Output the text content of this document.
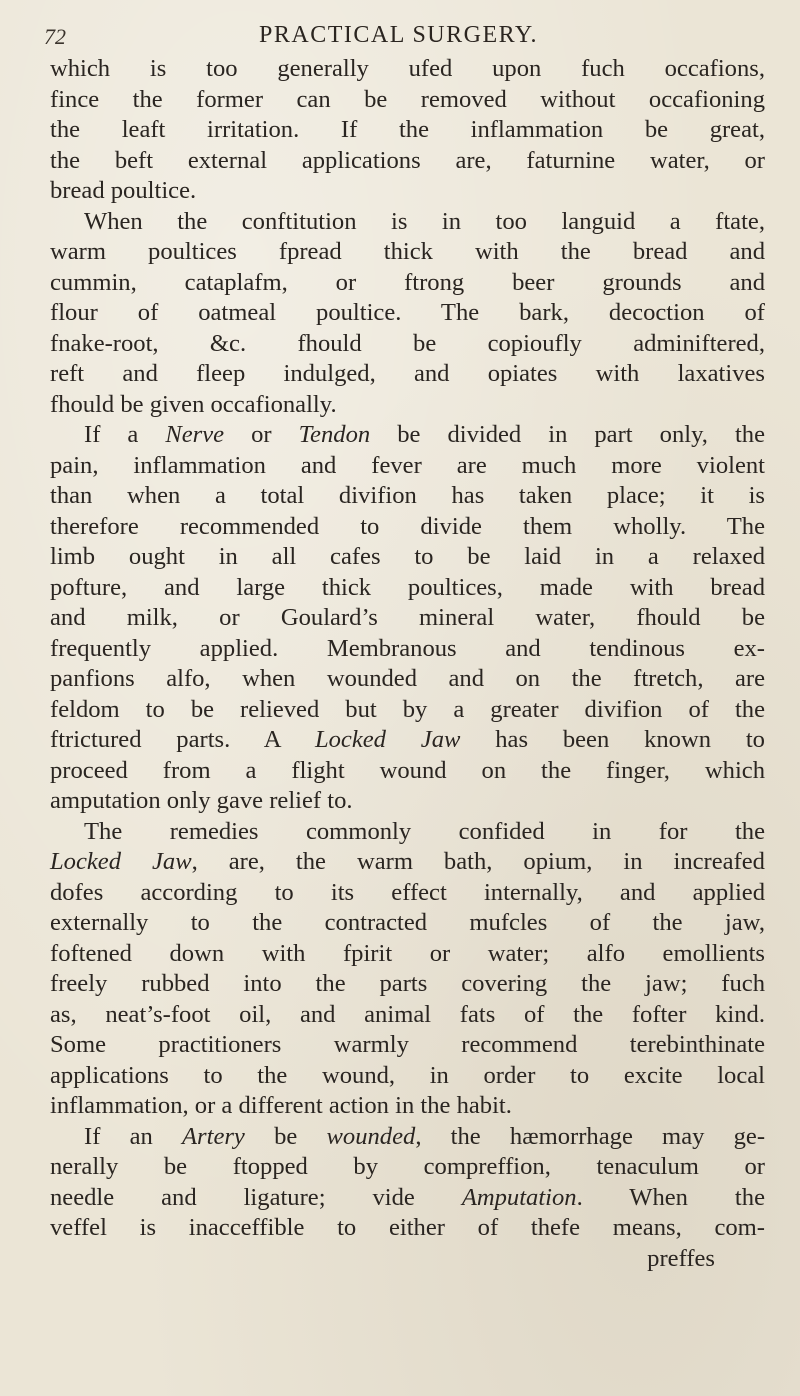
72	PRACTICAL SURGERY.
which is too generally ufed upon fuch occafions,
fince the former can be removed without occafioning
the leaft irritation. If the inflammation be great,
the beft external applications are, faturnine water, or
bread poultice.
When the conftitution is in too languid a ftate,
warm poultices fpread thick with the bread and
cummin, cataplafm, or ftrong beer grounds and
flour of oatmeal poultice. The bark, decoction of
fnake-root, &c. fhould be copioufly adminiftered,
reft and fleep indulged, and opiates with laxatives
fhould be given occafionally.
If a Nerve or Tendon be divided in part only, the
pain, inflammation and fever are much more violent
than when a total divifion has taken place; it is
therefore recommended to divide them wholly. The
limb ought in all cafes to be laid in a relaxed
pofture, and large thick poultices, made with bread
and milk, or Goulard’s mineral water, fhould be
frequently applied. Membranous and tendinous ex-
panfions alfo, when wounded and on the ftretch, are
feldom to be relieved but by a greater divifion of the
ftrictured parts. A Locked Jaw has been known to
proceed from a flight wound on the finger, which
amputation only gave relief to.
The remedies commonly confided in for the
Locked Jaw, are, the warm bath, opium, in increafed
dofes according to its effect internally, and applied
externally to the contracted mufcles of the jaw,
foftened down with fpirit or water; alfo emollients
freely rubbed into the parts covering the jaw; fuch
as, neat’s-foot oil, and animal fats of the fofter kind.
Some practitioners warmly recommend terebinthinate
applications to the wound, in order to excite local
inflammation, or a different action in the habit.
If an Artery be wounded, the hæmorrhage may ge-
nerally be ftopped by compreffion, tenaculum or
needle and ligature; vide Amputation. When the
veffel is inacceffible to either of thefe means, com-
preffes
